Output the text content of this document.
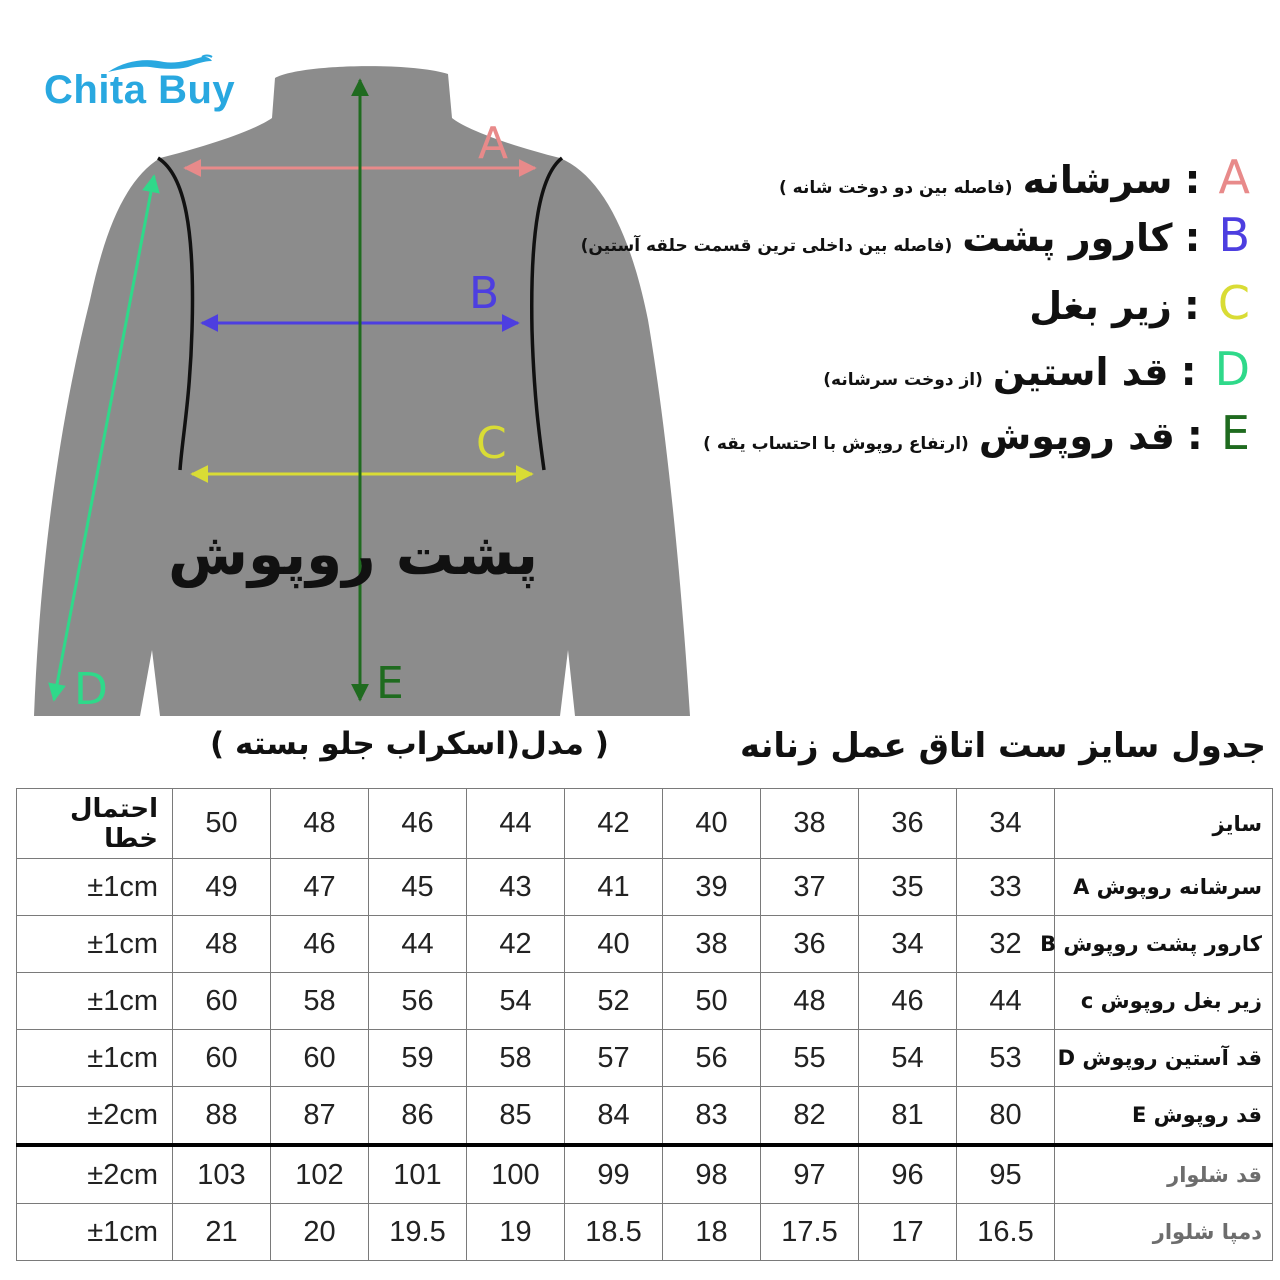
Chita Buy
A
B
C
D	E
پشت روپوش
A
:
سرشانه
(فاصله بین دو دوخت شانه )
B
:
کارور پشت
(فاصله بین داخلی ترین قسمت حلقه آستین)
C
:
زیر بغل
D
:
قد استین
(از دوخت سرشانه)
E
:
قد روپوش
(ارتفاع روپوش با احتساب یقه )
جدول سایز ست اتاق عمل زنانه
( مدل(اسکراب جلو بسته )
احتمال خطا	50	48	46	44	42	40	38	36	34	سایز
±1cm	49	47	45	43	41	39	37	35	33	سرشانه روپوش A
±1cm	48	46	44	42	40	38	36	34	32	کارور پشت روپوش B
±1cm	60	58	56	54	52	50	48	46	44	زیر بغل روپوش c
±1cm	60	60	59	58	57	56	55	54	53	قد آستین روپوش D
±2cm	88	87	86	85	84	83	82	81	80	قد روپوش E
±2cm	103	102	101	100	99	98	97	96	95	قد شلوار
±1cm	21	20	19.5	19	18.5	18	17.5	17	16.5	دمپا شلوار
